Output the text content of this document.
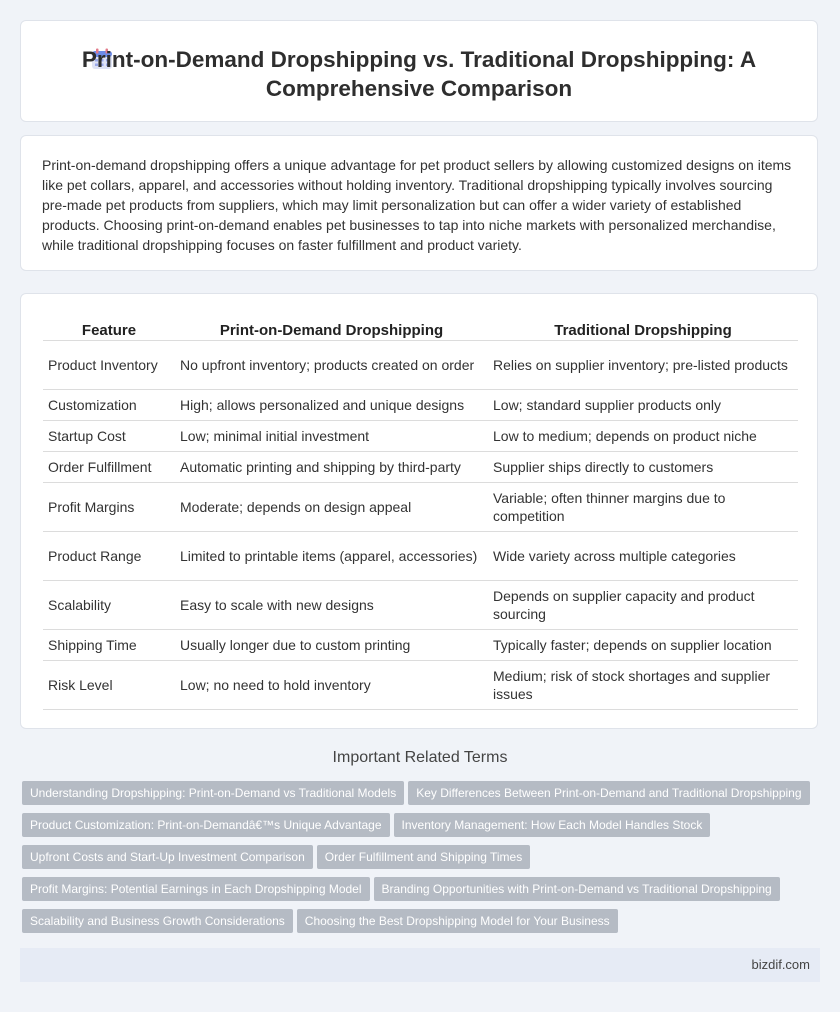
Print-on-Demand Dropshipping vs. Traditional Dropshipping: A Comprehensive Comparison

Print-on-demand dropshipping offers a unique advantage for pet product sellers by allowing customized designs on items like pet collars, apparel, and accessories without holding inventory. Traditional dropshipping typically involves sourcing pre-made pet products from suppliers, which may limit personalization but can offer a wider variety of established products. Choosing print-on-demand enables pet businesses to tap into niche markets with personalized merchandise, while traditional dropshipping focuses on faster fulfillment and product variety.

Feature	Print-on-Demand Dropshipping	Traditional Dropshipping
Product Inventory	No upfront inventory; products created on order	Relies on supplier inventory; pre-listed products
Customization	High; allows personalized and unique designs	Low; standard supplier products only
Startup Cost	Low; minimal initial investment	Low to medium; depends on product niche
Order Fulfillment	Automatic printing and shipping by third-party	Supplier ships directly to customers
Profit Margins	Moderate; depends on design appeal	Variable; often thinner margins due to competition
Product Range	Limited to printable items (apparel, accessories)	Wide variety across multiple categories
Scalability	Easy to scale with new designs	Depends on supplier capacity and product sourcing
Shipping Time	Usually longer due to custom printing	Typically faster; depends on supplier location
Risk Level	Low; no need to hold inventory	Medium; risk of stock shortages and supplier issues
Important Related Terms
Understanding Dropshipping: Print-on-Demand vs Traditional Models Key Differences Between Print-on-Demand and Traditional Dropshipping
Product Customization: Print-on-Demandâ€™s Unique Advantage Inventory Management: How Each Model Handles Stock
Upfront Costs and Start-Up Investment Comparison Order Fulfillment and Shipping Times
Profit Margins: Potential Earnings in Each Dropshipping Model Branding Opportunities with Print-on-Demand vs Traditional Dropshipping
Scalability and Business Growth Considerations Choosing the Best Dropshipping Model for Your Business
bizdif.com
